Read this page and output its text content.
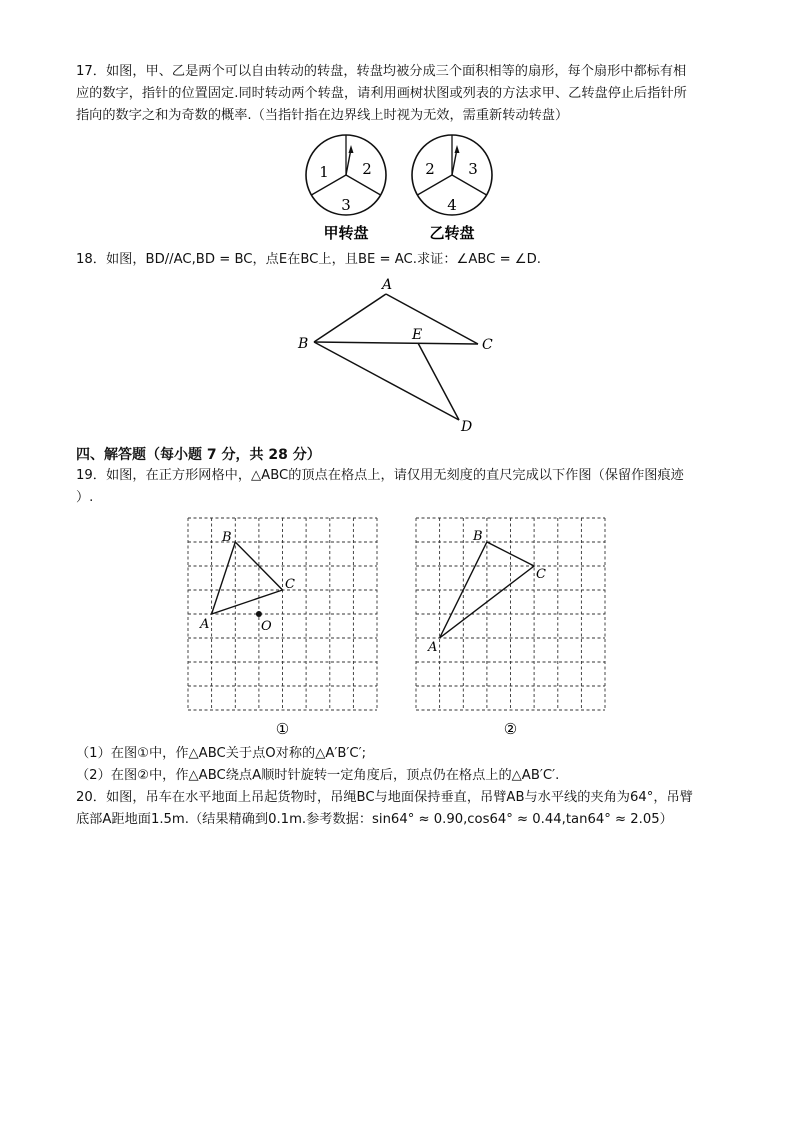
17．如图，甲、乙是两个可以自由转动的转盘，转盘均被分成三个面积相等的扇形，每个扇形中都标有相
应的数字，指针的位置固定.同时转动两个转盘，请利用画树状图或列表的方法求甲、乙转盘停止后指针所
指向的数字之和为奇数的概率.（当指针指在边界线上时视为无效，需重新转动转盘）
1 2
3
甲转盘
2 3
4
乙转盘
18．如图，BD//AC,BD = BC，点E在BC上，且BE = AC.求证：∠ABC = ∠D.
A
B	C
E
D
四、解答题（每小题 7 分，共 28 分）
19．如图，在正方形网格中，△ABC的顶点在格点上，请仅用无刻度的直尺完成以下作图（保留作图痕迹
）.
A
B
C
O
①
A
B
C
②
（1）在图①中，作△ABC关于点O对称的△A′B′C′;
（2）在图②中，作△ABC绕点A顺时针旋转一定角度后，顶点仍在格点上的△AB′C′.
20．如图，吊车在水平地面上吊起货物时，吊绳BC与地面保持垂直，吊臂AB与水平线的夹角为64°，吊臂
底部A距地面1.5m.（结果精确到0.1m.参考数据：sin64° ≈ 0.90,cos64° ≈ 0.44,tan64° ≈ 2.05）
